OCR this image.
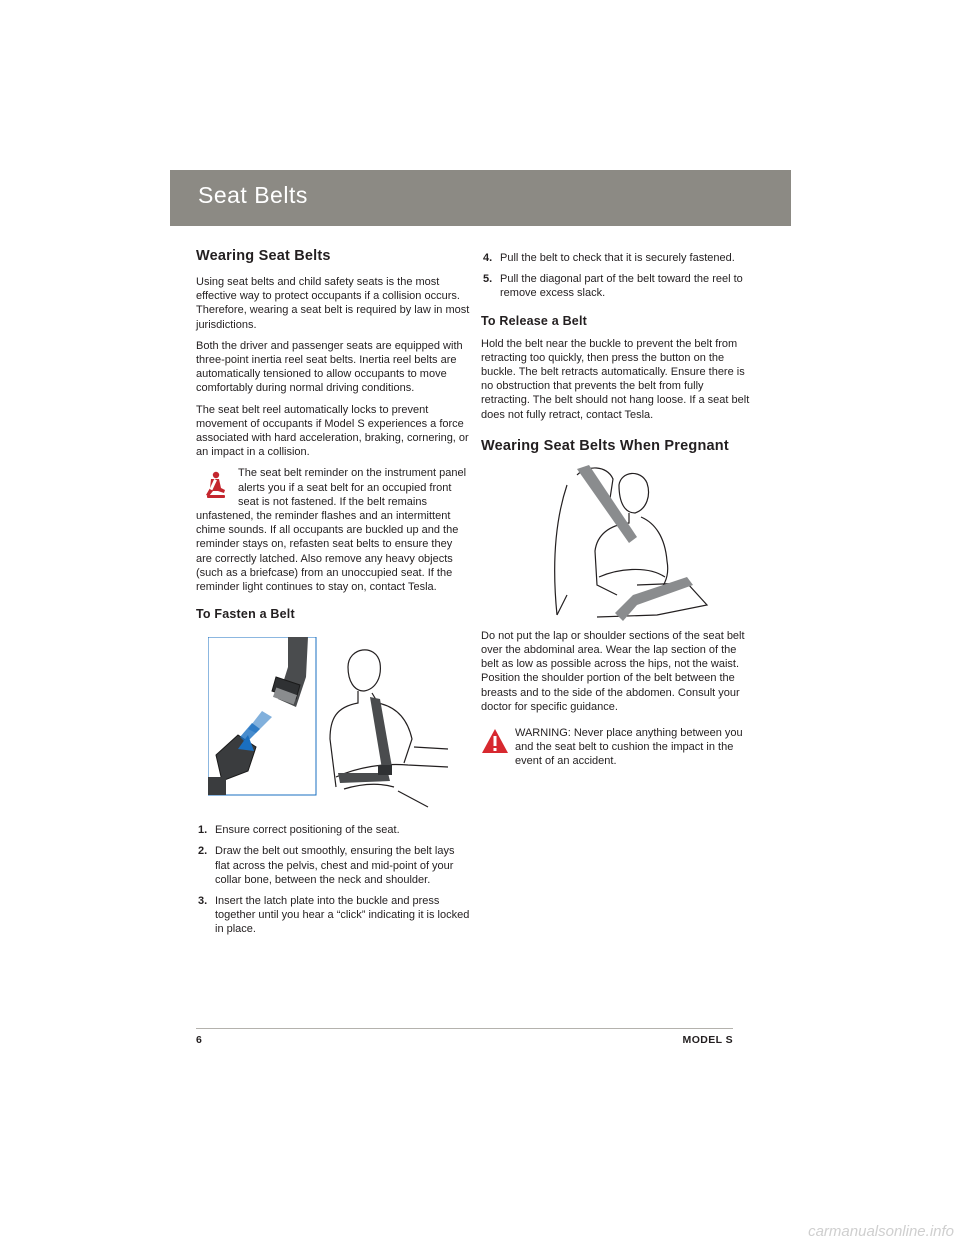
Seat Belts
Wearing Seat Belts

Using seat belts and child safety seats is the most effective way to protect occupants if a collision occurs. Therefore, wearing a seat belt is required by law in most jurisdictions.

Both the driver and passenger seats are equipped with three-point inertia reel seat belts. Inertia reel belts are automatically tensioned to allow occupants to move comfortably during normal driving conditions.

The seat belt reel automatically locks to prevent movement of occupants if Model S experiences a force associated with hard acceleration, braking, cornering, or an impact in a collision.

The seat belt reminder on the instrument panel alerts you if a seat belt for an occupied front seat is not fastened. If the belt remains unfastened, the reminder flashes and an intermittent chime sounds. If all occupants are buckled up and the reminder stays on, refasten seat belts to ensure they are correctly latched. Also remove any heavy objects (such as a briefcase) from an unoccupied seat. If the reminder light continues to stay on, contact Tesla.

To Fasten a Belt
1. Ensure correct positioning of the seat.
2. Draw the belt out smoothly, ensuring the belt lays flat across the pelvis, chest and mid-point of your collar bone, between the neck and shoulder.
3. Insert the latch plate into the buckle and press together until you hear a “click” indicating it is locked in place.
4. Pull the belt to check that it is securely fastened.
5. Pull the diagonal part of the belt toward the reel to remove excess slack.
To Release a Belt

Hold the belt near the buckle to prevent the belt from retracting too quickly, then press the button on the buckle. The belt retracts automatically. Ensure there is no obstruction that prevents the belt from fully retracting. The belt should not hang loose. If a seat belt does not fully retract, contact Tesla.

Wearing Seat Belts When Pregnant

Do not put the lap or shoulder sections of the seat belt over the abdominal area. Wear the lap section of the belt as low as possible across the hips, not the waist. Position the shoulder portion of the belt between the breasts and to the side of the abdomen. Consult your doctor for specific guidance.

WARNING: Never place anything between you and the seat belt to cushion the impact in the event of an accident.

6	MODEL S
carmanualsonline.info
